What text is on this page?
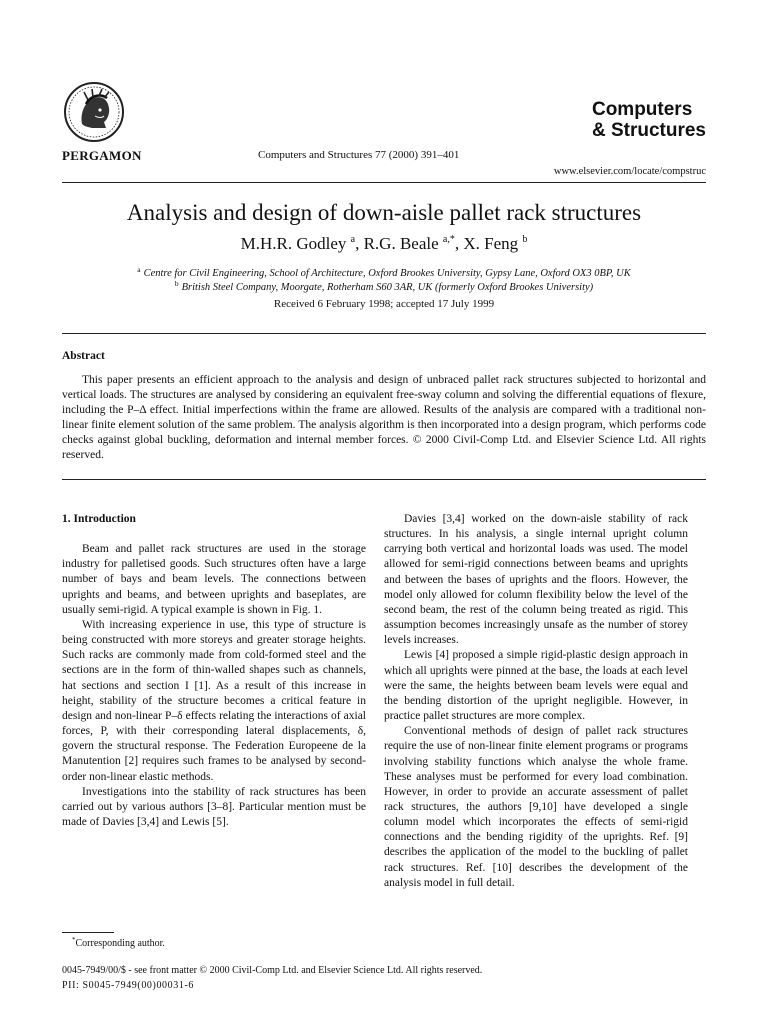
PERGAMON	Computers and Structures 77 (2000) 391–401
Computers
& Structures
www.elsevier.com/locate/compstruc
Analysis and design of down-aisle pallet rack structures
M.H.R. Godley $^a$, R.G. Beale $^{a,*}$, X. Feng $^b$
$^a$ Centre for Civil Engineering, School of Architecture, Oxford Brookes University, Gypsy Lane, Oxford OX3 0BP, UK
$^b$ British Steel Company, Moorgate, Rotherham S60 3AR, UK (formerly Oxford Brookes University)
Received 6 February 1998; accepted 17 July 1999
Abstract

This paper presents an efficient approach to the analysis and design of unbraced pallet rack structures subjected to horizontal and vertical loads. The structures are analysed by considering an equivalent free-sway column and solving the differential equations of flexure, including the P–Δ effect. Initial imperfections within the frame are allowed. Results of the analysis are compared with a traditional non-linear finite element solution of the same problem. The analysis algorithm is then incorporated into a design program, which performs code checks against global buckling, deformation and internal member forces. © 2000 Civil-Comp Ltd. and Elsevier Science Ltd. All rights reserved.

1. Introduction

Beam and pallet rack structures are used in the storage industry for palletised goods. Such structures often have a large number of bays and beam levels. The connections between uprights and beams, and between uprights and baseplates, are usually semi-rigid. A typical example is shown in Fig. 1.

With increasing experience in use, this type of structure is being constructed with more storeys and greater storage heights. Such racks are commonly made from cold-formed steel and the sections are in the form of thin-walled shapes such as channels, hat sections and section I [1]. As a result of this increase in height, stability of the structure becomes a critical feature in design and non-linear P–δ effects relating the interactions of axial forces, P, with their corresponding lateral displacements, δ, govern the structural response. The Federation Europeene de la Manutention [2] requires such frames to be analysed by second-order non-linear elastic methods.

Investigations into the stability of rack structures has been carried out by various authors [3–8]. Particular mention must be made of Davies [3,4] and Lewis [5].

Davies [3,4] worked on the down-aisle stability of rack structures. In his analysis, a single internal upright column carrying both vertical and horizontal loads was used. The model allowed for semi-rigid connections between beams and uprights and between the bases of uprights and the floors. However, the model only allowed for column flexibility below the level of the second beam, the rest of the column being treated as rigid. This assumption becomes increasingly unsafe as the number of storey levels increases.

Lewis [4] proposed a simple rigid-plastic design approach in which all uprights were pinned at the base, the loads at each level were the same, the heights between beam levels were equal and the bending distortion of the upright negligible. However, in practice pallet structures are more complex.

Conventional methods of design of pallet rack structures require the use of non-linear finite element programs or programs involving stability functions which analyse the whole frame. These analyses must be performed for every load combination. However, in order to provide an accurate assessment of pallet rack structures, the authors [9,10] have developed a single column model which incorporates the effects of semi-rigid connections and the bending rigidity of the uprights. Ref. [9] describes the application of the model to the buckling of pallet rack structures. Ref. [10] describes the development of the analysis model in full detail.

*Corresponding author.
0045-7949/00/$ - see front matter © 2000 Civil-Comp Ltd. and Elsevier Science Ltd. All rights reserved.
PII: S0045-7949(00)00031-6
